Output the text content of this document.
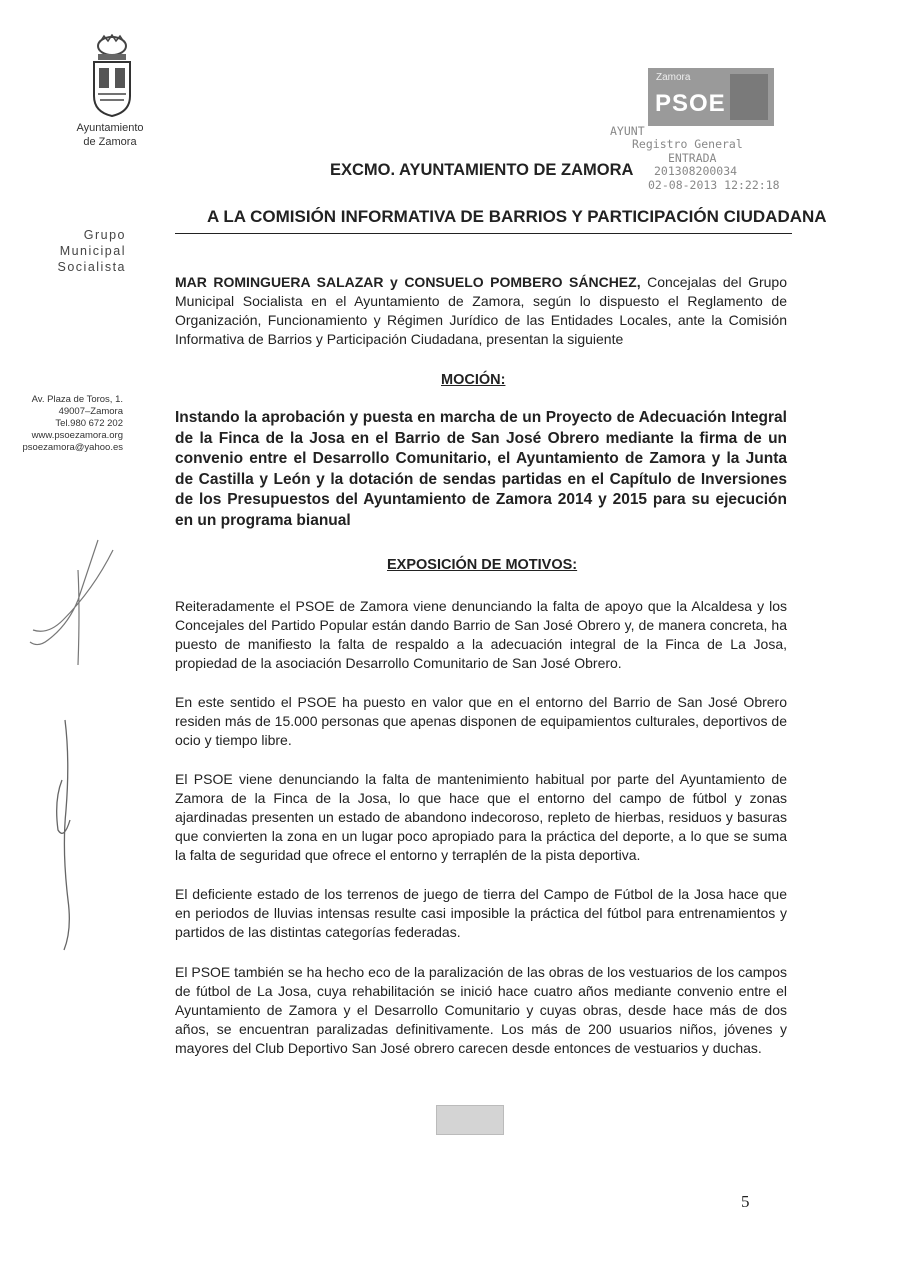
Ayuntamiento
de Zamora
Grupo
Municipal
Socialista
Av. Plaza de Toros, 1.
49007–Zamora
Tel.980 672 202
www.psoezamora.org
psoezamora@yahoo.es
Zamora
PSOE
AYUNT
Registro General
ENTRADA
201308200034
02-08-2013 12:22:18
EXCMO. AYUNTAMIENTO DE ZAMORA
A LA COMISIÓN INFORMATIVA DE BARRIOS Y PARTICIPACIÓN CIUDADANA
MAR ROMINGUERA SALAZAR y CONSUELO POMBERO SÁNCHEZ, Concejalas del Grupo Municipal Socialista en el Ayuntamiento de Zamora, según lo dispuesto el Reglamento de Organización, Funcionamiento y Régimen Jurídico de las Entidades Locales, ante la Comisión Informativa de Barrios y Participación Ciudadana, presentan la siguiente
MOCIÓN:
Instando la aprobación y puesta en marcha de un Proyecto de Adecuación Integral de la Finca de la Josa en el Barrio de San José Obrero mediante la firma de un convenio entre el Desarrollo Comunitario, el Ayuntamiento de Zamora y la Junta de Castilla y León y la dotación de sendas partidas en el Capítulo de Inversiones de los Presupuestos del Ayuntamiento de Zamora 2014 y 2015 para su ejecución en un programa bianual
EXPOSICIÓN DE MOTIVOS:
Reiteradamente el PSOE de Zamora viene denunciando la falta de apoyo que la Alcaldesa y los Concejales del Partido Popular están dando Barrio de San José Obrero y, de manera concreta, ha puesto de manifiesto la falta de respaldo a la adecuación integral de la Finca de La Josa, propiedad de la asociación Desarrollo Comunitario de San José Obrero.
En este sentido el PSOE ha puesto en valor que en el entorno del Barrio de San José Obrero residen más de 15.000 personas que apenas disponen de equipamientos culturales, deportivos de ocio y tiempo libre.
El PSOE viene denunciando la falta de mantenimiento habitual por parte del Ayuntamiento de Zamora de la Finca de la Josa, lo que hace que el entorno del campo de fútbol y zonas ajardinadas presenten un estado de abandono indecoroso, repleto de hierbas, residuos y basuras que convierten la zona en un lugar poco apropiado para la práctica del deporte, a lo que se suma la falta de seguridad que ofrece el entorno y terraplén de la pista deportiva.
El deficiente estado de los terrenos de juego de tierra del Campo de Fútbol de la Josa hace que en periodos de lluvias intensas resulte casi imposible la práctica del fútbol para entrenamientos y partidos de las distintas categorías federadas.
El PSOE también se ha hecho eco de la paralización de las obras de los vestuarios de los campos de fútbol de La Josa, cuya rehabilitación se inició hace cuatro años mediante convenio entre el Ayuntamiento de Zamora y el Desarrollo Comunitario y cuyas obras, desde hace más de dos años, se encuentran paralizadas definitivamente. Los más de 200 usuarios niños, jóvenes y mayores del Club Deportivo San José obrero carecen desde entonces de vestuarios y duchas.
5
